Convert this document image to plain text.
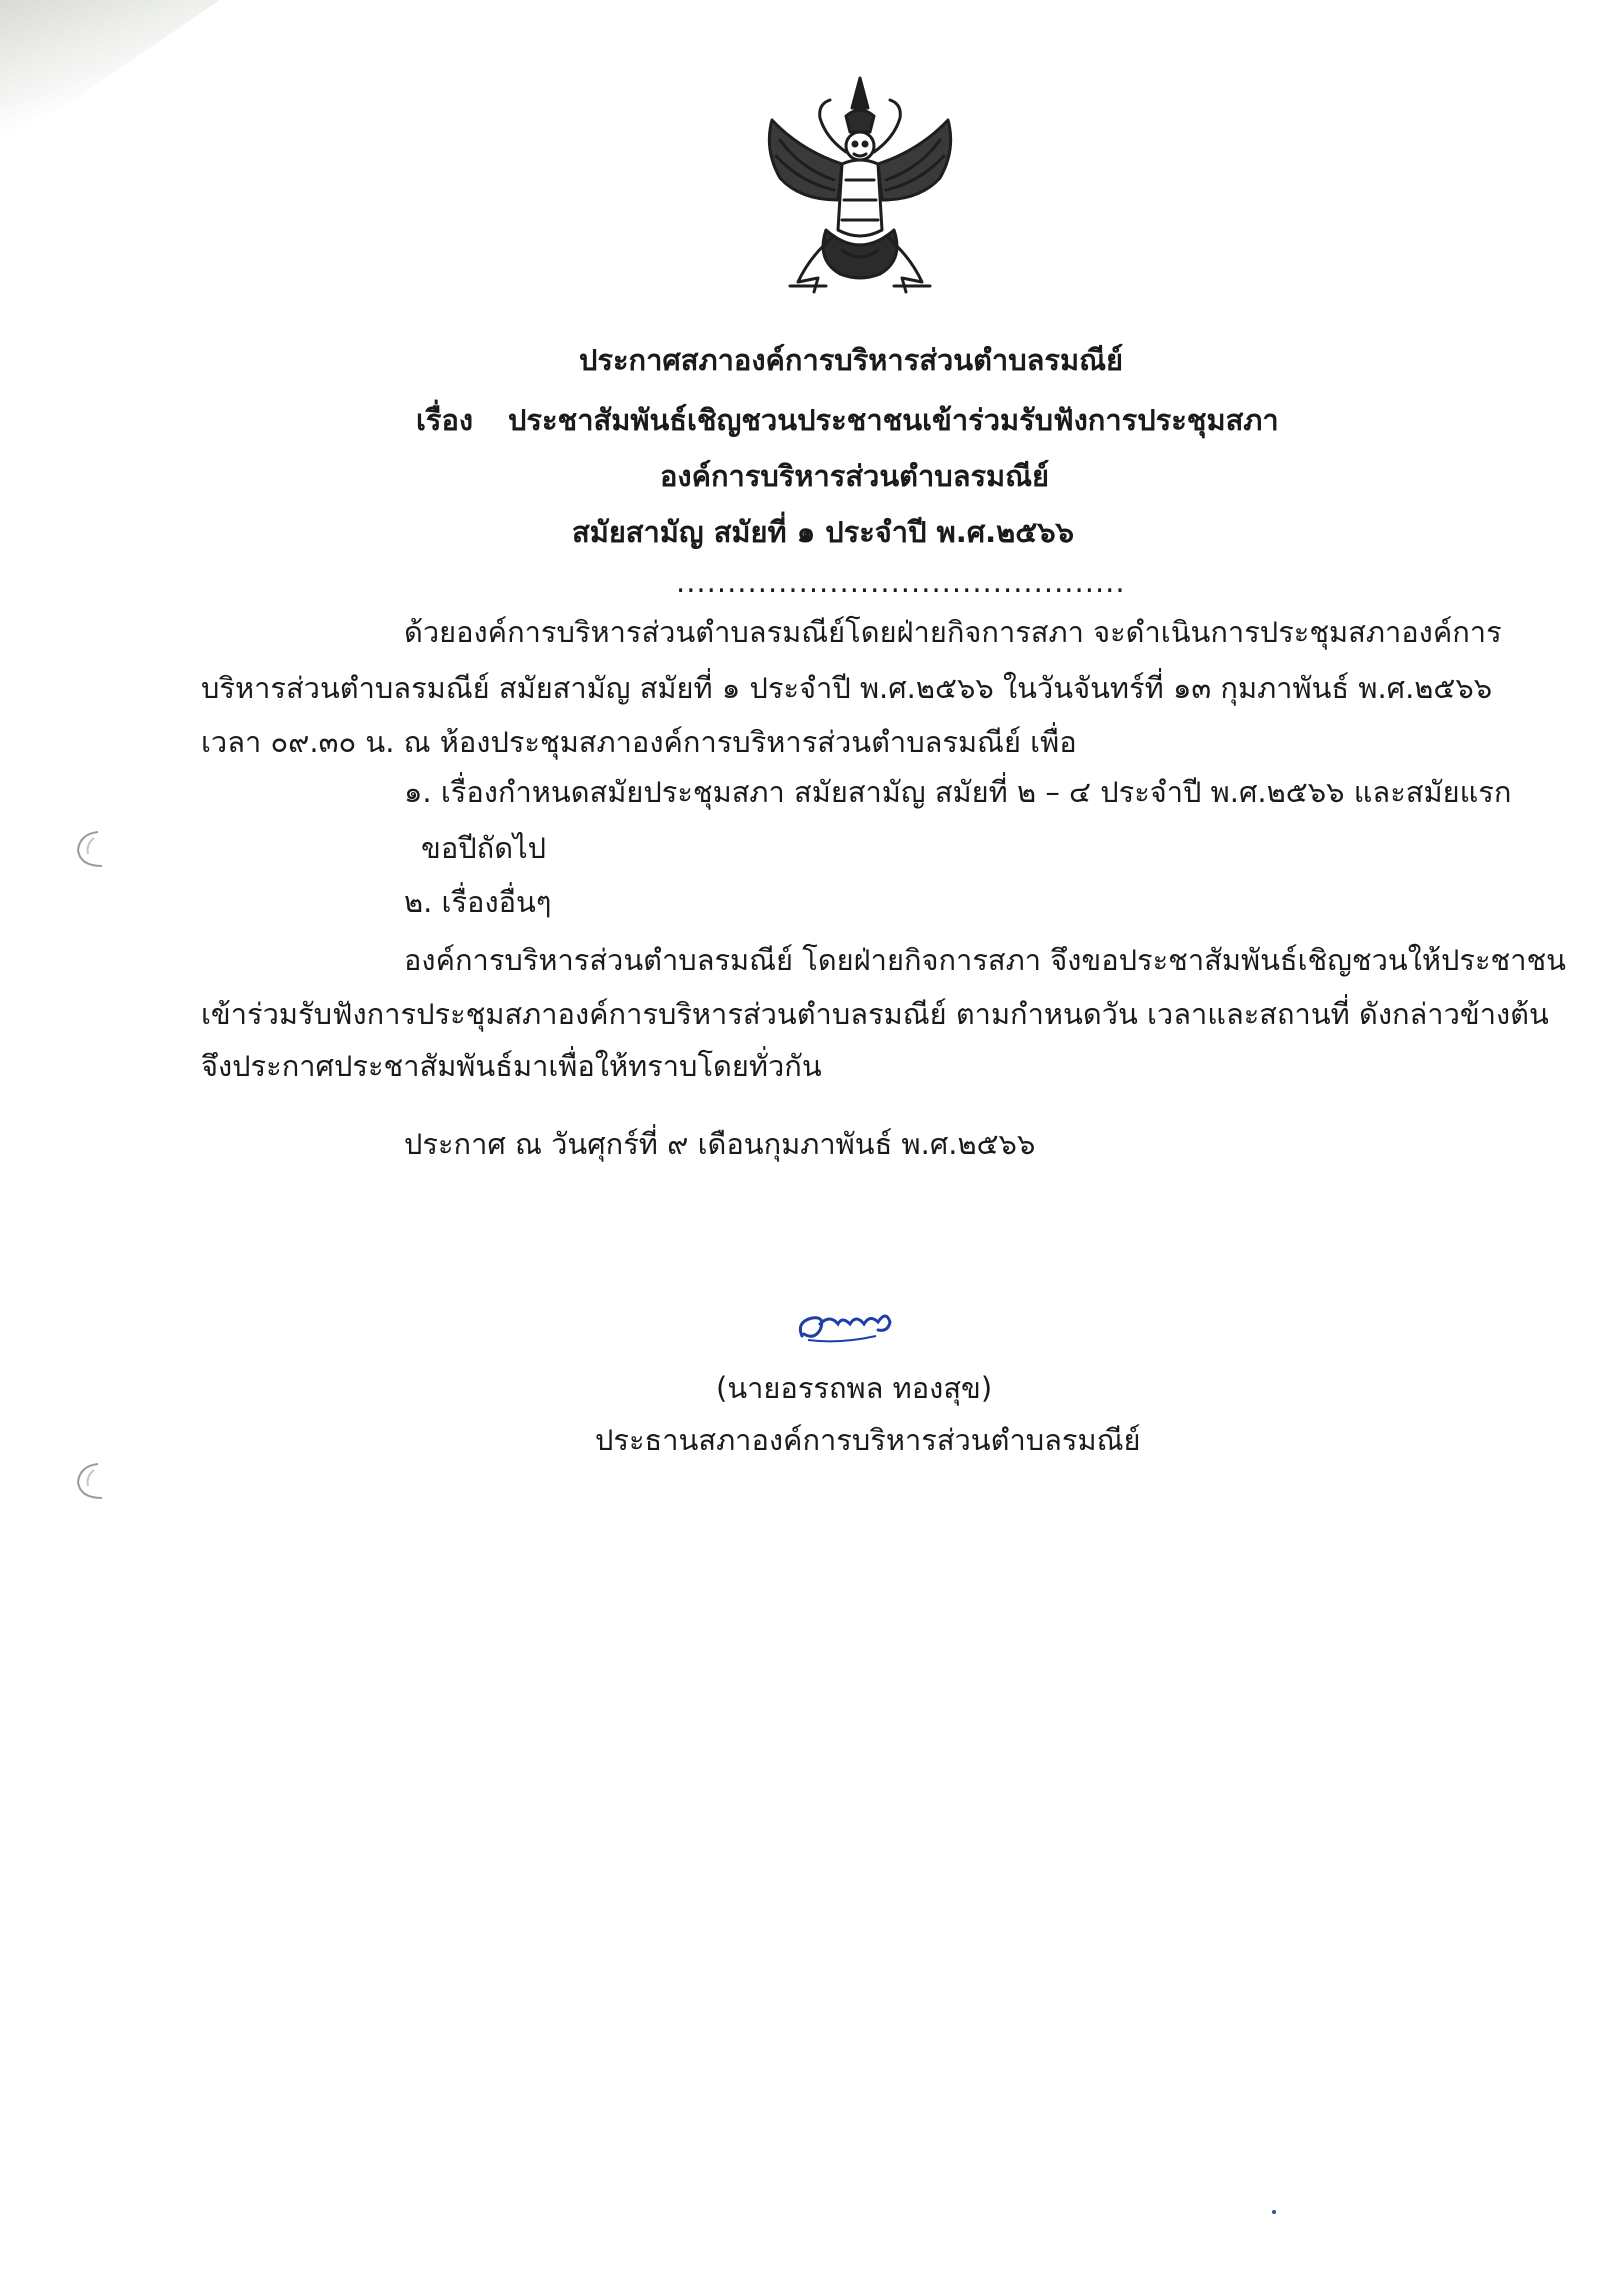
ประกาศสภาองค์การบริหารส่วนตำบลรมณีย์
เรื่อง ประชาสัมพันธ์เชิญชวนประชาชนเข้าร่วมรับฟังการประชุมสภา
องค์การบริหารส่วนตำบลรมณีย์
สมัยสามัญ สมัยที่ ๑ ประจำปี พ.ศ.๒๕๖๖
............................................
ด้วยองค์การบริหารส่วนตำบลรมณีย์โดยฝ่ายกิจการสภา จะดำเนินการประชุมสภาองค์การ
บริหารส่วนตำบลรมณีย์ สมัยสามัญ สมัยที่ ๑ ประจำปี พ.ศ.๒๕๖๖ ในวันจันทร์ที่ ๑๓ กุมภาพันธ์ พ.ศ.๒๕๖๖
เวลา ๐๙.๓๐ น. ณ ห้องประชุมสภาองค์การบริหารส่วนตำบลรมณีย์ เพื่อ
๑. เรื่องกำหนดสมัยประชุมสภา สมัยสามัญ สมัยที่ ๒ – ๔ ประจำปี พ.ศ.๒๕๖๖ และสมัยแรก
ขอปีถัดไป
๒. เรื่องอื่นๆ
องค์การบริหารส่วนตำบลรมณีย์ โดยฝ่ายกิจการสภา จึงขอประชาสัมพันธ์เชิญชวนให้ประชาชน
เข้าร่วมรับฟังการประชุมสภาองค์การบริหารส่วนตำบลรมณีย์ ตามกำหนดวัน เวลาและสถานที่ ดังกล่าวข้างต้น
จึงประกาศประชาสัมพันธ์มาเพื่อให้ทราบโดยทั่วกัน
ประกาศ ณ วันศุกร์ที่ ๙ เดือนกุมภาพันธ์ พ.ศ.๒๕๖๖
(นายอรรถพล ทองสุข)
ประธานสภาองค์การบริหารส่วนตำบลรมณีย์
